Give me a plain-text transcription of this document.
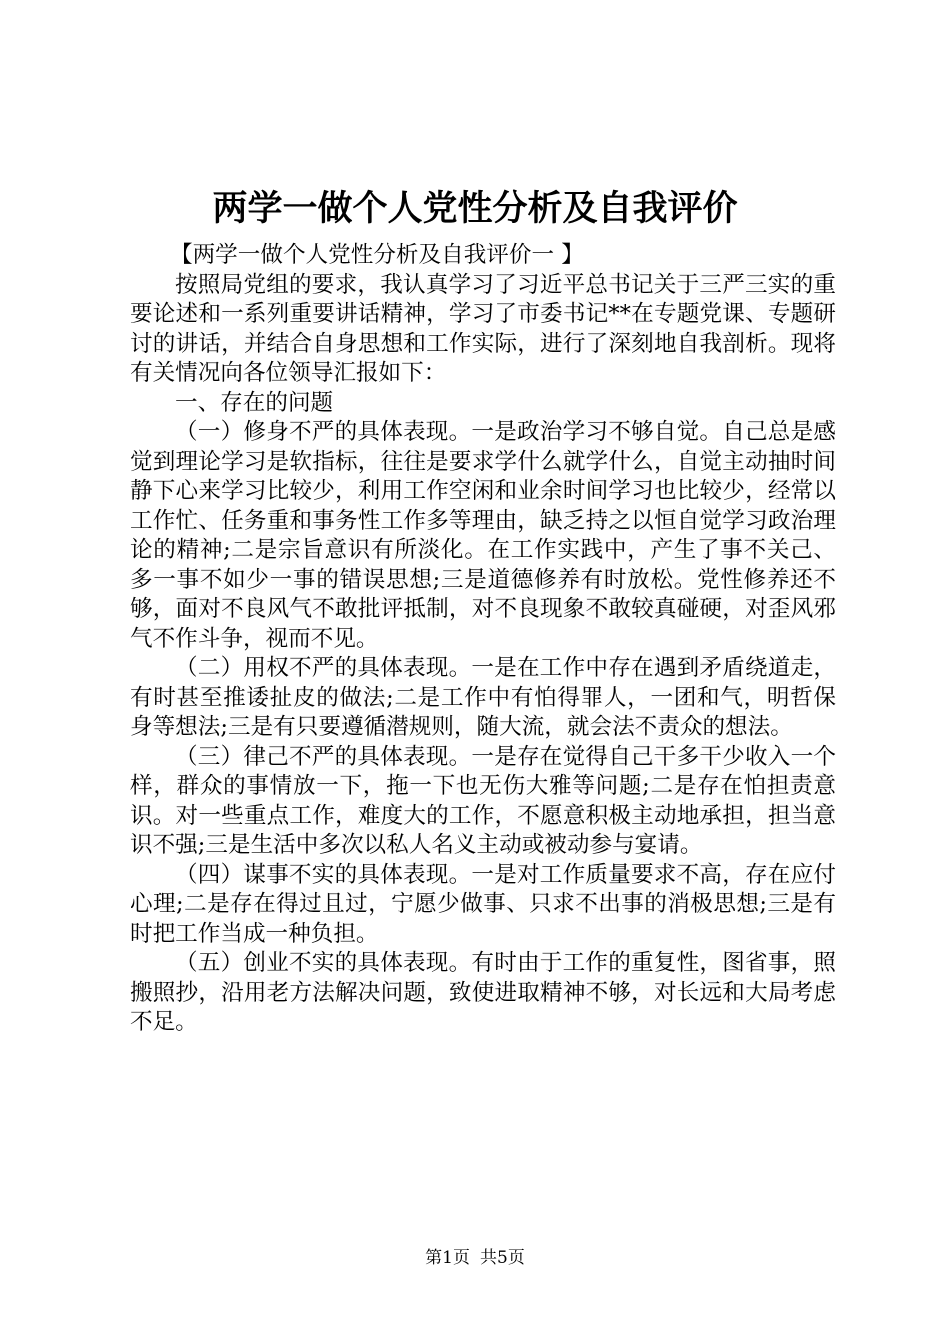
两学一做个人党性分析及自我评价

【两学一做个人党性分析及自我评价一 】

按照局党组的要求，我认真学习了习近平总书记关于三严三实的重要论述和一系列重要讲话精神，学习了市委书记**在专题党课、专题研讨的讲话，并结合自身思想和工作实际，进行了深刻地自我剖析。现将有关情况向各位领导汇报如下：

一、存在的问题

（一）修身不严的具体表现。一是政治学习不够自觉。自己总是感觉到理论学习是软指标，往往是要求学什么就学什么，自觉主动抽时间静下心来学习比较少，利用工作空闲和业余时间学习也比较少，经常以工作忙、任务重和事务性工作多等理由，缺乏持之以恒自觉学习政治理论的精神;二是宗旨意识有所淡化。在工作实践中，产生了事不关己、多一事不如少一事的错误思想;三是道德修养有时放松。党性修养还不够，面对不良风气不敢批评抵制，对不良现象不敢较真碰硬，对歪风邪气不作斗争，视而不见。

（二）用权不严的具体表现。一是在工作中存在遇到矛盾绕道走，有时甚至推诿扯皮的做法;二是工作中有怕得罪人，一团和气，明哲保身等想法;三是有只要遵循潜规则，随大流，就会法不责众的想法。

（三）律己不严的具体表现。一是存在觉得自己干多干少收入一个样，群众的事情放一下，拖一下也无伤大雅等问题;二是存在怕担责意识。对一些重点工作，难度大的工作，不愿意积极主动地承担，担当意识不强;三是生活中多次以私人名义主动或被动参与宴请。

（四）谋事不实的具体表现。一是对工作质量要求不高，存在应付心理;二是存在得过且过，宁愿少做事、只求不出事的消极思想;三是有时把工作当成一种负担。

（五）创业不实的具体表现。有时由于工作的重复性，图省事，照搬照抄，沿用老方法解决问题，致使进取精神不够，对长远和大局考虑不足。

第1页 共5页
